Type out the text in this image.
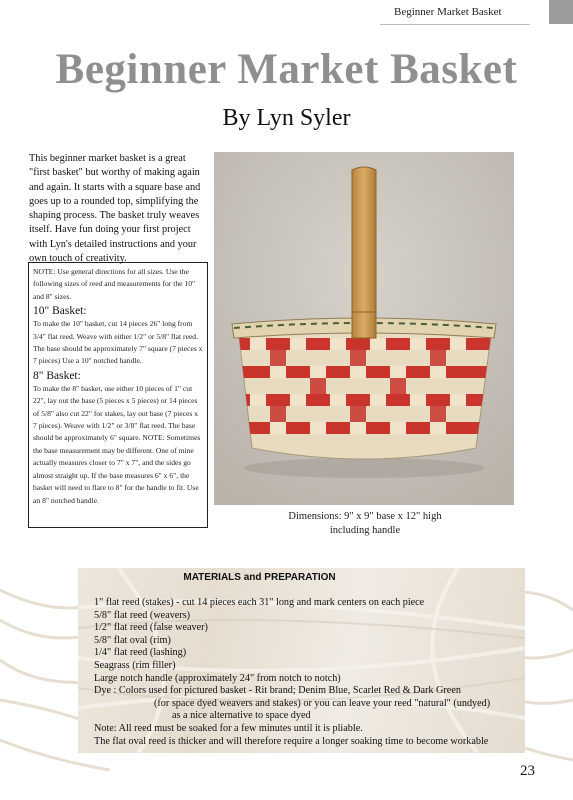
Beginner Market Basket
Beginner Market Basket
By Lyn Syler

This beginner market basket is a great "first basket" but worthy of making again and again. It starts with a square base and goes up to a rounded top, simplifying the shaping process. The basket truly weaves itself. Have fun doing your first project with Lyn's detailed instructions and your own touch of creativity.

NOTE: Use general directions for all sizes. Use the following sizes of reed and measurements for the 10" and 8" sizes.
10" Basket:
To make the 10" basket, cut 14 pieces 26" long from 3/4" flat reed. Weave with either 1/2" or 5/8" flat reed. The base should be approximately 7" square (7 pieces x 7 pieces) Use a 10" notched handle.
8" Basket:
To make the 8" basket, use either 10 pieces of 1" cut 22", lay out the base (5 pieces x 5 pieces) or 14 pieces of 5/8" also cut 22" for stakes, lay out base (7 pieces x 7 pieces). Weave with 1/2" or 3/8" flat reed. The base should be approximately 6" square. NOTE: Sometimes the base measurement may be different. One of mine actually measures closer to 7" x 7", and the sides go almost straight up. If the base measures 6" x 6", the basket will need to flare to 8" for the handle to fit. Use an 8" notched handle.
Dimensions: 9" x 9" base x 12" high
including handle
MATERIALS and PREPARATION
1" flat reed (stakes) - cut 14 pieces each 31" long and mark centers on each piece
5/8" flat reed (weavers)
1/2" flat reed (false weaver)
5/8" flat oval (rim)
1/4" flat reed (lashing)
Seagrass (rim filler)
Large notch handle (approximately 24" from notch to notch)
Dye : Colors used for pictured basket - Rit brand; Denim Blue, Scarlet Red & Dark Green
(for space dyed weavers and stakes) or you can leave your reed "natural" (undyed)
as a nice alternative to space dyed
Note: All reed must be soaked for a few minutes until it is pliable.
The flat oval reed is thicker and will therefore require a longer soaking time to become workable
23
